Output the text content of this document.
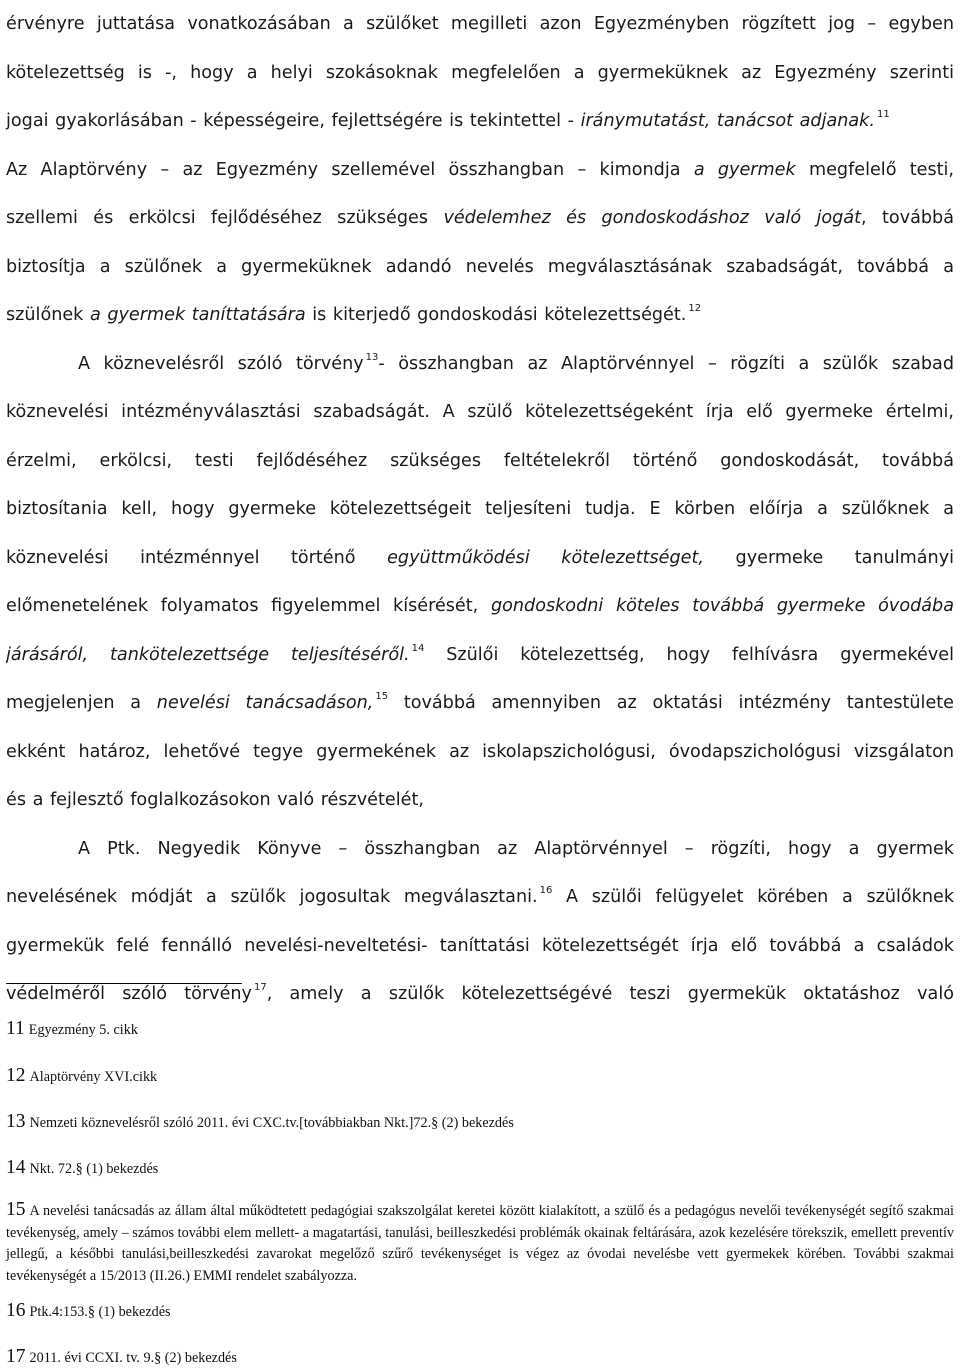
érvényre juttatása vonatkozásában a szülőket megilleti azon Egyezményben rögzített jog – egyben
kötelezettség is -, hogy a helyi szokásoknak megfelelően a gyermeküknek az Egyezmény szerinti
jogai gyakorlásában - képességeire, fejlettségére is tekintettel - iránymutatást, tanácsot adjanak. $^{11}$
Az Alaptörvény – az Egyezmény szellemével összhangban – kimondja a gyermek megfelelő testi,
szellemi és erkölcsi fejlődéséhez szükséges védelemhez és gondoskodáshoz való jogát, továbbá
biztosítja a szülőnek a gyermeküknek adandó nevelés megválasztásának szabadságát, továbbá a
szülőnek a gyermek taníttatására is kiterjedő gondoskodási kötelezettségét. $^{12}$
A köznevelésről szóló törvény $^{13}$- összhangban az Alaptörvénnyel – rögzíti a szülők szabad
köznevelési intézményválasztási szabadságát. A szülő kötelezettségeként írja elő gyermeke értelmi,
érzelmi, erkölcsi, testi fejlődéséhez szükséges feltételekről történő gondoskodását, továbbá
biztosítania kell, hogy gyermeke kötelezettségeit teljesíteni tudja. E körben előírja a szülőknek a
köznevelési intézménnyel történő együttműködési kötelezettséget, gyermeke tanulmányi
előmenetelének folyamatos figyelemmel kísérését, gondoskodni köteles továbbá gyermeke óvodába
járásáról, tankötelezettsége teljesítéséről. $^{14}$ Szülői kötelezettség, hogy felhívásra gyermekével
megjelenjen a nevelési tanácsadáson, $^{15}$ továbbá amennyiben az oktatási intézmény tantestülete
ekként határoz, lehetővé tegye gyermekének az iskolapszichológusi, óvodapszichológusi vizsgálaton
és a fejlesztő foglalkozásokon való részvételét,
A Ptk. Negyedik Könyve – összhangban az Alaptörvénnyel – rögzíti, hogy a gyermek
nevelésének módját a szülők jogosultak megválasztani. $^{16}$ A szülői felügyelet körében a szülőknek
gyermekük felé fennálló nevelési-neveltetési- taníttatási kötelezettségét írja elő továbbá a családok
védelméről szóló törvény $^{17}$, amely a szülők kötelezettségévé teszi gyermekük oktatáshoz való
11 Egyezmény 5. cikk
12 Alaptörvény XVI.cikk
13 Nemzeti köznevelésről szóló 2011. évi CXC.tv.[továbbiakban Nkt.]72.§ (2) bekezdés
14 Nkt. 72.§ (1) bekezdés
15 A nevelési tanácsadás az állam által működtetett pedagógiai szakszolgálat keretei között kialakított, a szülő és a pedagógus nevelői tevékenységét segítő szakmai tevékenység, amely – számos további elem mellett- a magatartási, tanulási, beilleszkedési problémák okainak feltárására, azok kezelésére törekszik, emellett preventív jellegű, a későbbi tanulási,beilleszkedési zavarokat megelőző szűrő tevékenységet is végez az óvodai nevelésbe vett gyermekek körében. További szakmai tevékenységét a 15/2013 (II.26.) EMMI rendelet szabályozza.
16 Ptk.4:153.§ (1) bekezdés
17 2011. évi CCXI. tv. 9.§ (2) bekezdés
